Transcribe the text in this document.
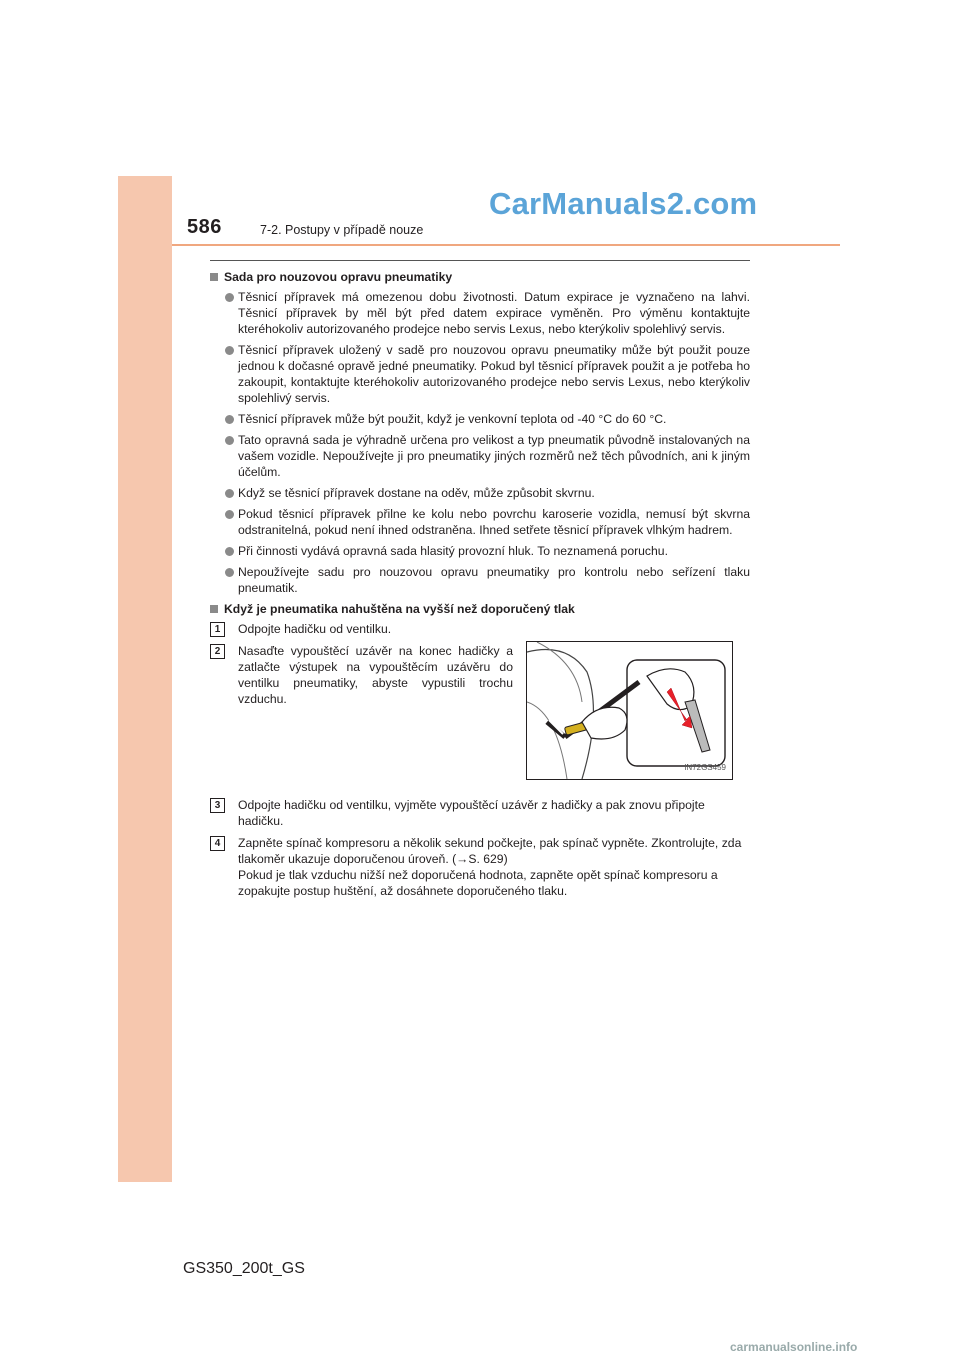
586	7-2. Postupy v případě nouze
CarManuals2.com
Sada pro nouzovou opravu pneumatiky
Těsnicí přípravek má omezenou dobu životnosti. Datum expirace je vyznačeno na lahvi. Těsnicí přípravek by měl být před datem expirace vyměněn. Pro výměnu kontaktujte kteréhokoliv autorizovaného prodejce nebo servis Lexus, nebo kterýkoliv spolehlivý servis.
Těsnicí přípravek uložený v sadě pro nouzovou opravu pneumatiky může být použit pouze jednou k dočasné opravě jedné pneumatiky. Pokud byl těsnicí přípravek použit a je potřeba ho zakoupit, kontaktujte kteréhokoliv autorizovaného prodejce nebo servis Lexus, nebo kterýkoliv spolehlivý servis.
Těsnicí přípravek může být použit, když je venkovní teplota od -40 °C do 60 °C.
Tato opravná sada je výhradně určena pro velikost a typ pneumatik původně instalovaných na vašem vozidle. Nepoužívejte ji pro pneumatiky jiných rozměrů než těch původních, ani k jiným účelům.
Když se těsnicí přípravek dostane na oděv, může způsobit skvrnu.
Pokud těsnicí přípravek přilne ke kolu nebo povrchu karoserie vozidla, nemusí být skvrna odstranitelná, pokud není ihned odstraněna. Ihned setřete těsnicí přípravek vlhkým hadrem.
Při činnosti vydává opravná sada hlasitý provozní hluk. To neznamená poruchu.
Nepoužívejte sadu pro nouzovou opravu pneumatiky pro kontrolu nebo seřízení tlaku pneumatik.
Když je pneumatika nahuštěna na vyšší než doporučený tlak
1	Odpojte hadičku od ventilku.
2	Nasaďte vypouštěcí uzávěr na konec hadičky a zatlačte výstupek na vypouštěcím uzávěru do ventilku pneumatiky, abyste vypustili trochu vzduchu.
IN72GS459
3	Odpojte hadičku od ventilku, vyjměte vypouštěcí uzávěr z hadičky a pak znovu připojte hadičku.
4	Zapněte spínač kompresoru a několik sekund počkejte, pak spínač vypněte. Zkontrolujte, zda tlakoměr ukazuje doporučenou úroveň. (→S. 629)
Pokud je tlak vzduchu nižší než doporučená hodnota, zapněte opět spínač kompresoru a zopakujte postup huštění, až dosáhnete doporučeného tlaku.
GS350_200t_GS
carmanualsonline.info
